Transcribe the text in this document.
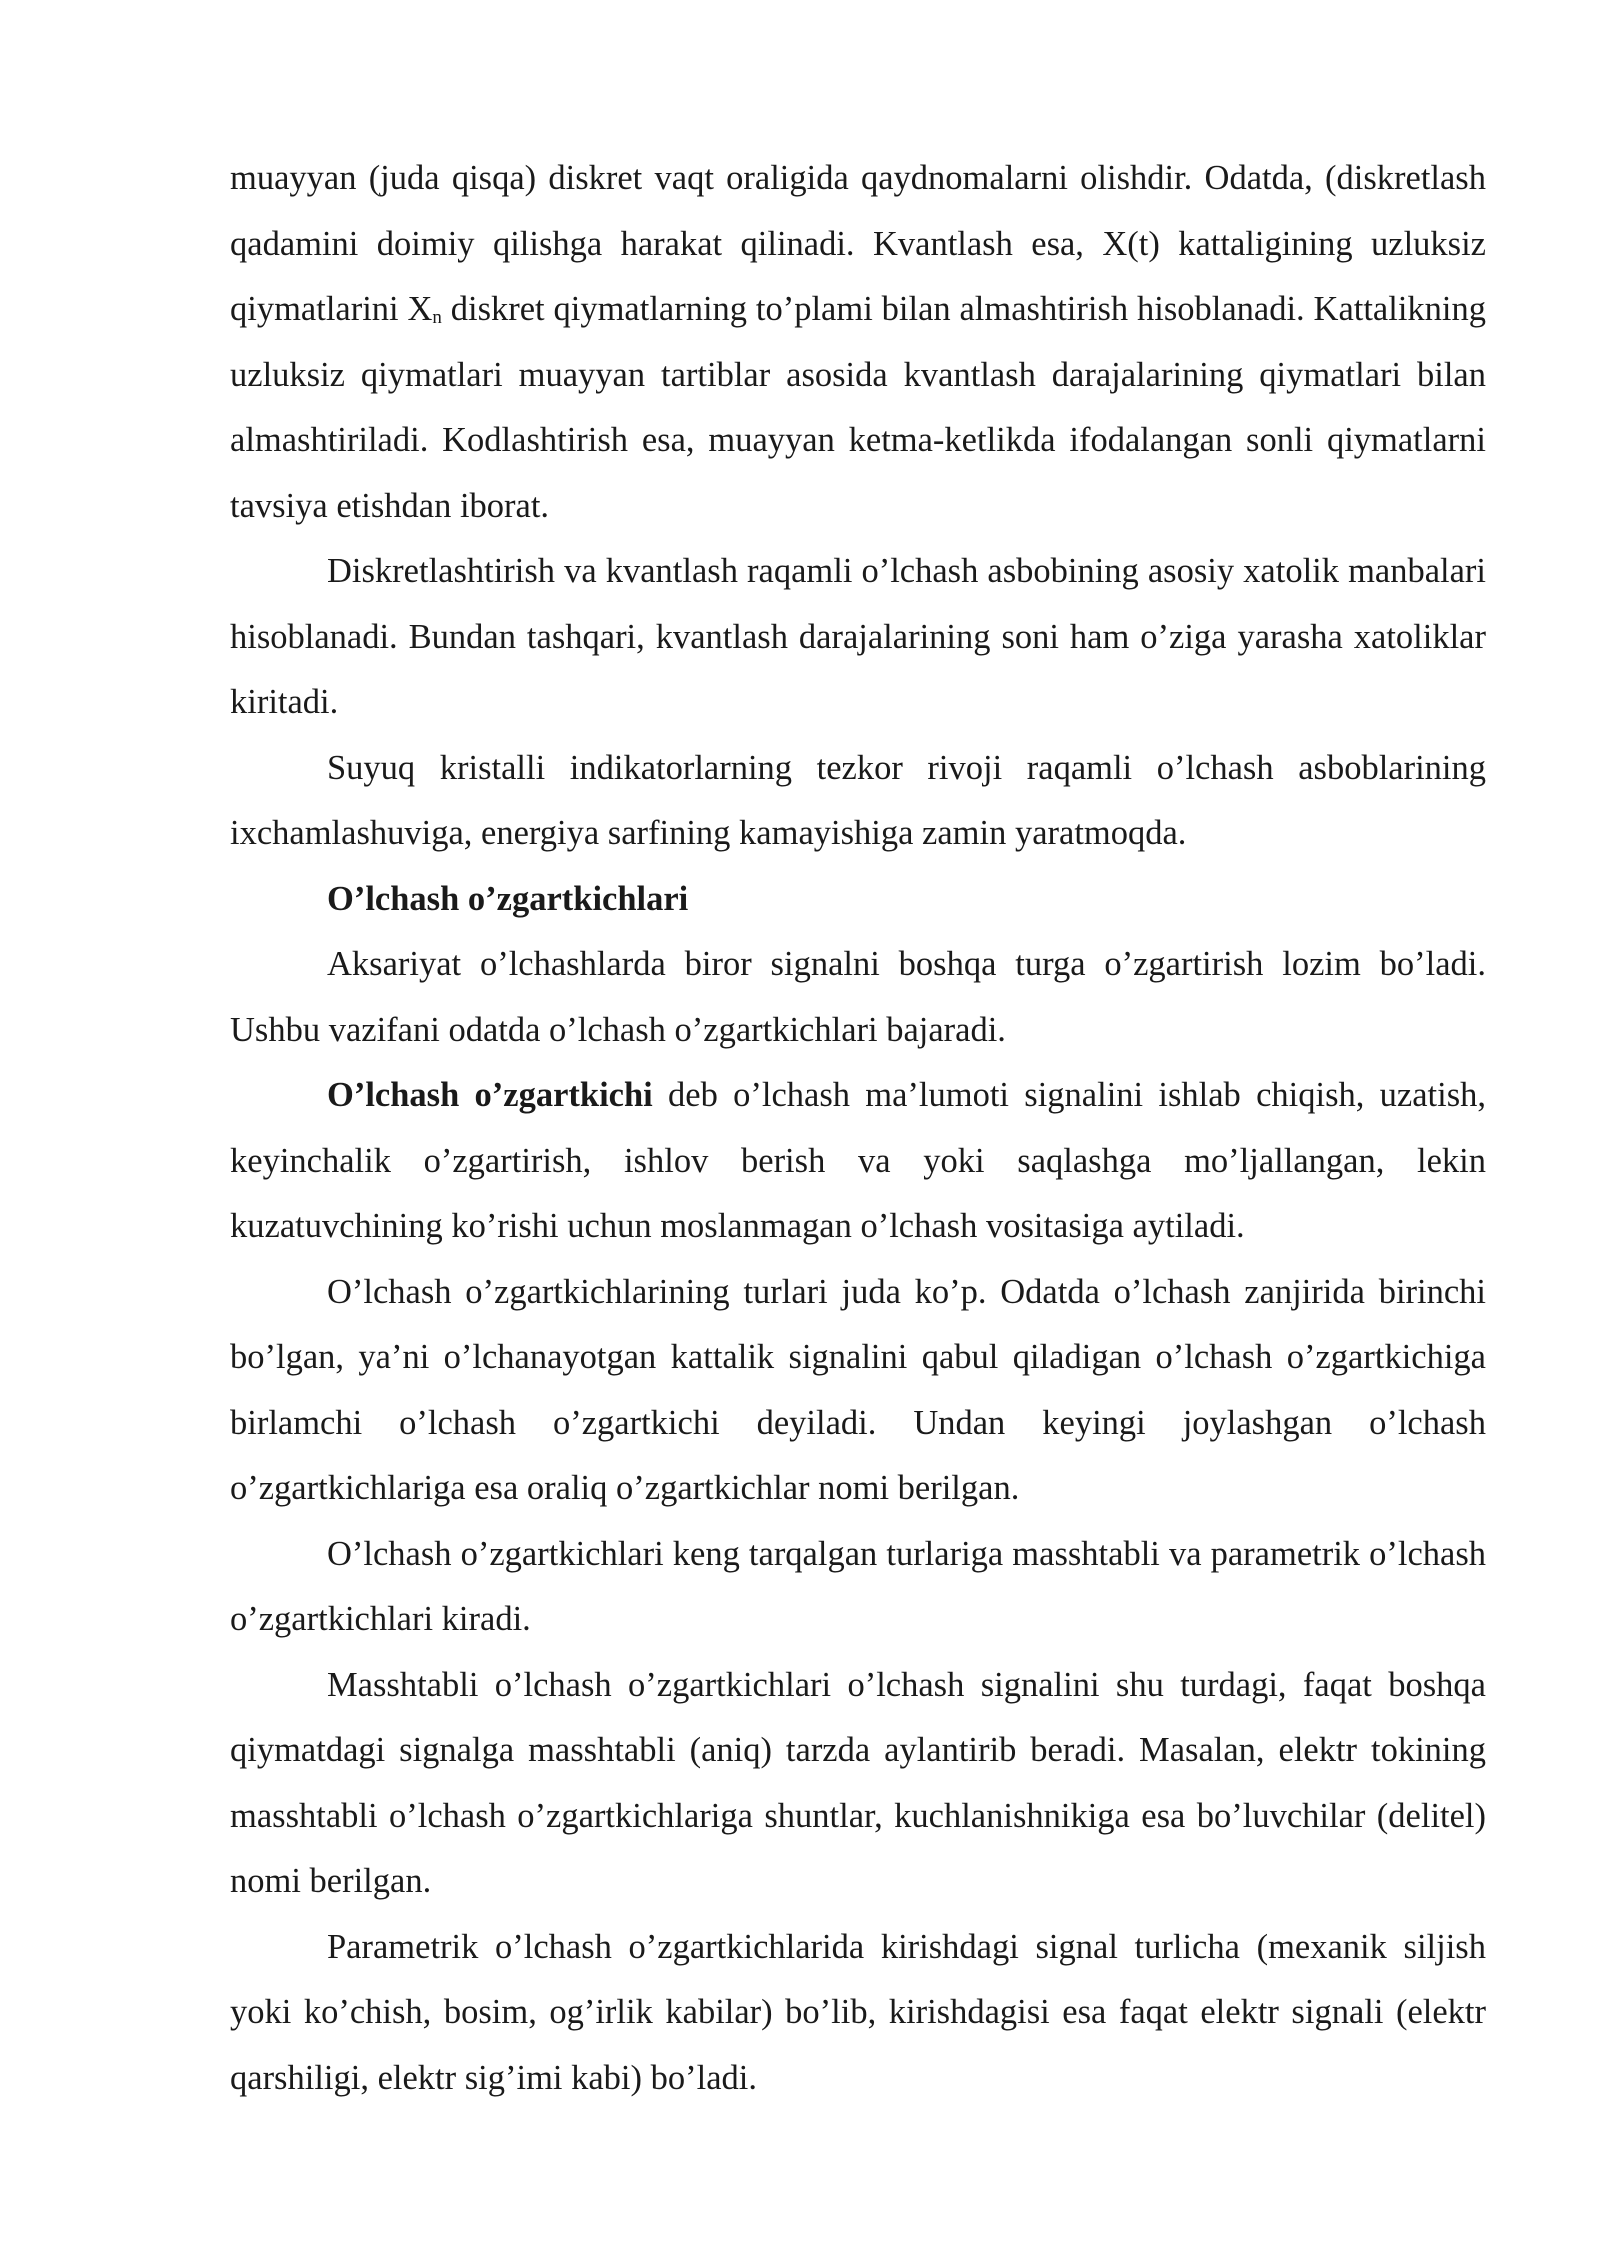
muayyan (juda qisqa) diskret vaqt oraligida qaydnomalarni olishdir. Odatda, (diskretlash qadamini doimiy qilishga harakat qilinadi. Kvantlash esa, X(t) kattaligining uzluksiz qiymatlarini $X_n$ diskret qiymatlarning to’plami bilan almashtirish hisoblanadi. Kattalikning uzluksiz qiymatlari muayyan tartiblar asosida kvantlash darajalarining qiymatlari bilan almashtiriladi. Kodlashtirish esa, muayyan ketma-ketlikda ifodalangan sonli qiymatlarni tavsiya etishdan iborat.

Diskretlashtirish va kvantlash raqamli o’lchash asbobining asosiy xatolik manbalari hisoblanadi. Bundan tashqari, kvantlash darajalarining soni ham o’ziga yarasha xatoliklar kiritadi.

Suyuq kristalli indikatorlarning tezkor rivoji raqamli o’lchash asboblarining ixchamlashuviga, energiya sarfining kamayishiga zamin yaratmoqda.

O’lchash o’zgartkichlari

Aksariyat o’lchashlarda biror signalni boshqa turga o’zgartirish lozim bo’ladi. Ushbu vazifani odatda o’lchash o’zgartkichlari bajaradi.

O’lchash o’zgartkichi deb o’lchash ma’lumoti signalini ishlab chiqish, uzatish, keyinchalik o’zgartirish, ishlov berish va yoki saqlashga mo’ljallangan, lekin kuzatuvchining ko’rishi uchun moslanmagan o’lchash vositasiga aytiladi.

O’lchash o’zgartkichlarining turlari juda ko’p. Odatda o’lchash zanjirida birinchi bo’lgan, ya’ni o’lchanayotgan kattalik signalini qabul qiladigan o’lchash o’zgartkichiga birlamchi o’lchash o’zgartkichi deyiladi. Undan keyingi joylashgan o’lchash o’zgartkichlariga esa oraliq o’zgartkichlar nomi berilgan.

O’lchash o’zgartkichlari keng tarqalgan turlariga masshtabli va parametrik o’lchash o’zgartkichlari kiradi.

Masshtabli o’lchash o’zgartkichlari o’lchash signalini shu turdagi, faqat boshqa qiymatdagi signalga masshtabli (aniq) tarzda aylantirib beradi. Masalan, elektr tokining masshtabli o’lchash o’zgartkichlariga shuntlar, kuchlanishnikiga esa bo’luvchilar (delitel) nomi berilgan.

Parametrik o’lchash o’zgartkichlarida kirishdagi signal turlicha (mexanik siljish yoki ko’chish, bosim, og’irlik kabilar) bo’lib, kirishdagisi esa faqat elektr signali (elektr qarshiligi, elektr sig’imi kabi) bo’ladi.
